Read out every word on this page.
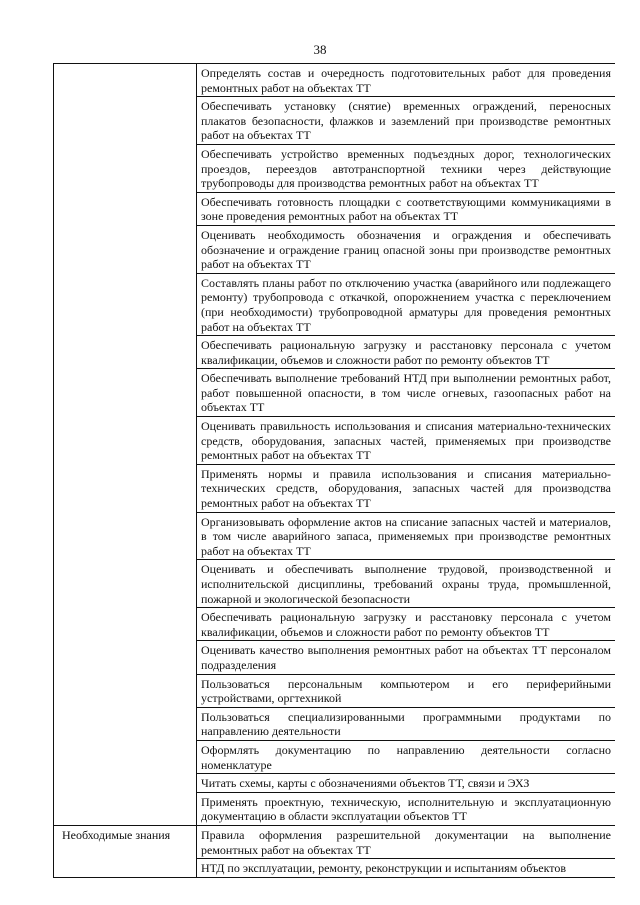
38

	Определять состав и очередность подготовительных работ для проведения ремонтных работ на объектах ТТ

	Обеспечивать установку (снятие) временных ограждений, переносных плакатов безопасности, флажков и заземлений при производстве ремонтных работ на объектах ТТ

	Обеспечивать устройство временных подъездных дорог, технологических проездов, переездов автотранспортной техники через действующие трубопроводы для производства ремонтных работ на объектах ТТ

	Обеспечивать готовность площадки с соответствующими коммуникациями в зоне проведения ремонтных работ на объектах ТТ

	Оценивать необходимость обозначения и ограждения и обеспечивать обозначение и ограждение границ опасной зоны при производстве ремонтных работ на объектах ТТ

	Составлять планы работ по отключению участка (аварийного или подлежащего ремонту) трубопровода с откачкой, опорожнением участка с переключением (при необходимости) трубопроводной арматуры для проведения ремонтных работ на объектах ТТ

	Обеспечивать рациональную загрузку и расстановку персонала с учетом квалификации, объемов и сложности работ по ремонту объектов ТТ

	Обеспечивать выполнение требований НТД при выполнении ремонтных работ, работ повышенной опасности, в том числе огневых, газоопасных работ на объектах ТТ

	Оценивать правильность использования и списания материально-технических средств, оборудования, запасных частей, применяемых при производстве ремонтных работ на объектах ТТ

	Применять нормы и правила использования и списания материально-технических средств, оборудования, запасных частей для производства ремонтных работ на объектах ТТ

	Организовывать оформление актов на списание запасных частей и материалов, в том числе аварийного запаса, применяемых при производстве ремонтных работ на объектах ТТ

	Оценивать и обеспечивать выполнение трудовой, производственной и исполнительской дисциплины, требований охраны труда, промышленной, пожарной и экологической безопасности

	Обеспечивать рациональную загрузку и расстановку персонала с учетом квалификации, объемов и сложности работ по ремонту объектов ТТ

	Оценивать качество выполнения ремонтных работ на объектах ТТ персоналом подразделения

	Пользоваться персональным компьютером и его периферийными устройствами, оргтехникой

	Пользоваться специализированными программными продуктами по направлению деятельности

	Оформлять документацию по направлению деятельности согласно номенклатуре

	Читать схемы, карты с обозначениями объектов ТТ, связи и ЭХЗ

	Применять проектную, техническую, исполнительную и эксплуатационную документацию в области эксплуатации объектов ТТ

Необходимые знания	Правила оформления разрешительной документации на выполнение ремонтных работ на объектах ТТ

	НТД по эксплуатации, ремонту, реконструкции и испытаниям объектов
